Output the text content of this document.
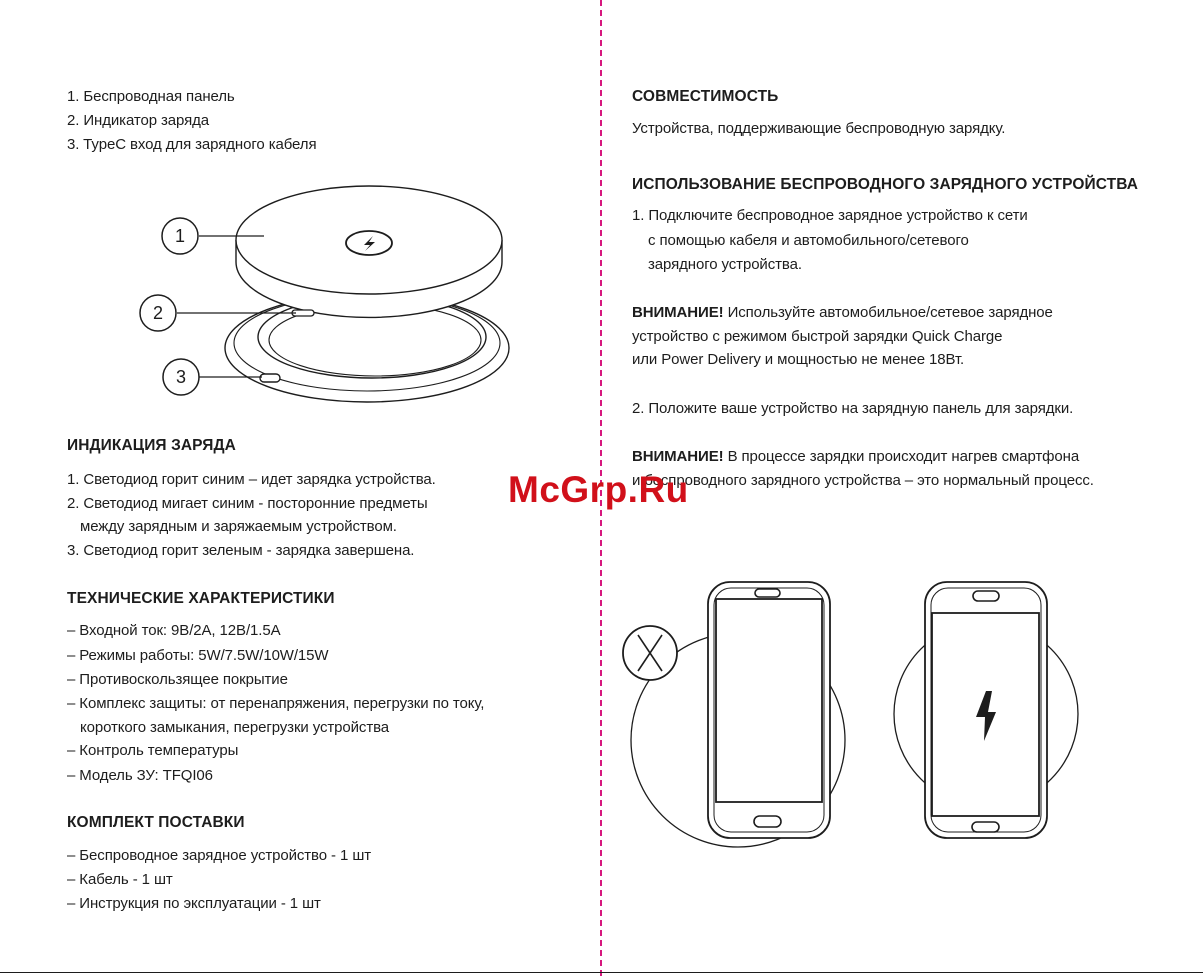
1. Беспроводная панель
2. Индикатор заряда
3. TypeC вход для зарядного кабеля
1
2
3
ИНДИКАЦИЯ ЗАРЯДА
1. Светодиод горит синим – идет зарядка устройства.
2. Светодиод мигает синим - посторонние предметы
между зарядным и заряжаемым устройством.
3. Светодиод горит зеленым - зарядка завершена.
ТЕХНИЧЕСКИЕ ХАРАКТЕРИСТИКИ
– Входной ток: 9В/2А, 12В/1.5А
– Режимы работы: 5W/7.5W/10W/15W
– Противоскользящее покрытие
– Комплекс защиты: от перенапряжения, перегрузки по току,
короткого замыкания, перегрузки устройства
– Контроль температуры
– Модель ЗУ: TFQI06
КОМПЛЕКТ ПОСТАВКИ
– Беспроводное зарядное устройство - 1 шт
– Кабель - 1 шт
– Инструкция по эксплуатации - 1 шт
СОВМЕСТИМОСТЬ
Устройства, поддерживающие беспроводную зарядку.
ИСПОЛЬЗОВАНИЕ БЕСПРОВОДНОГО ЗАРЯДНОГО УСТРОЙСТВА
1. Подключите беспроводное зарядное устройство к сети
с помощью кабеля и автомобильного/сетевого
зарядного устройства.
ВНИМАНИЕ! Используйте автомобильное/сетевое зарядное
устройство с режимом быстрой зарядки Quick Charge
или Power Delivery и мощностью не менее 18Вт.
2. Положите ваше устройство на зарядную панель для зарядки.
ВНИМАНИЕ! В процессе зарядки происходит нагрев смартфона
и беспроводного зарядного устройства – это нормальный процесс.
McGrp.Ru
